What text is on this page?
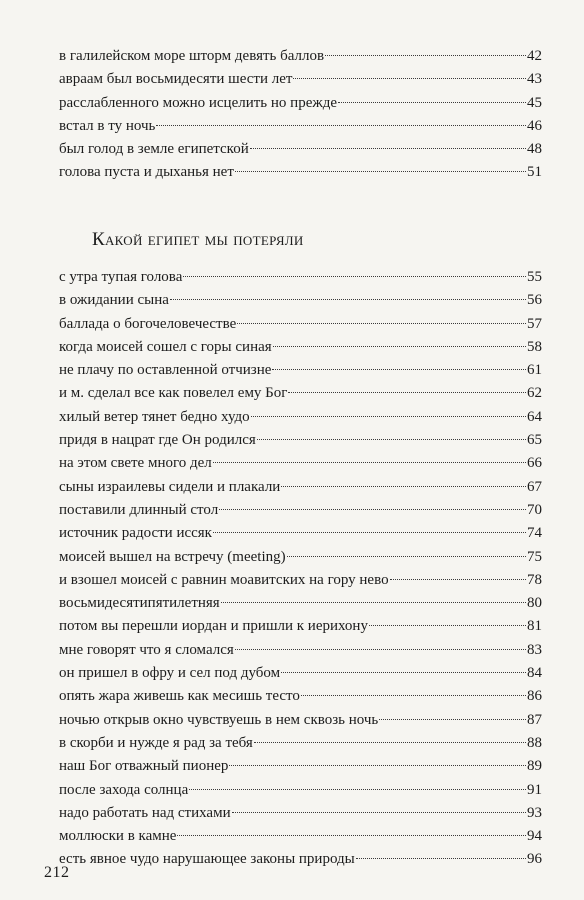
в галилейском море шторм девять баллов	42
авраам был восьмидесяти шести лет	43
расслабленного можно исцелить но прежде	45
встал в ту ночь	46
был голод в земле египетской	48
голова пуста и дыханья нет	51
Какой египет мы потеряли
с утра тупая голова	55
в ожидании сына	56
баллада о богочеловечестве	57
когда моисей сошел с горы синая	58
не плачу по оставленной отчизне	61
и м. сделал все как повелел ему Бог	62
хилый ветер тянет бедно худо	64
придя в нацрат где Он родился	65
на этом свете много дел	66
сыны израилевы сидели и плакали	67
поставили длинный стол	70
источник радости иссяк	74
моисей вышел на встречу (meeting)	75
и взошел моисей с равнин моавитских на гору нево	78
восьмидесятипятилетняя	80
потом вы перешли иордан и пришли к иерихону	81
мне говорят что я сломался	83
он пришел в офру и сел под дубом	84
опять жара живешь как месишь тесто	86
ночью открыв окно чувствуешь в нем сквозь ночь	87
в скорби и нужде я рад за тебя	88
наш Бог отважный пионер	89
после захода солнца	91
надо работать над стихами	93
моллюски в камне	94
есть явное чудо нарушающее законы природы	96
212
